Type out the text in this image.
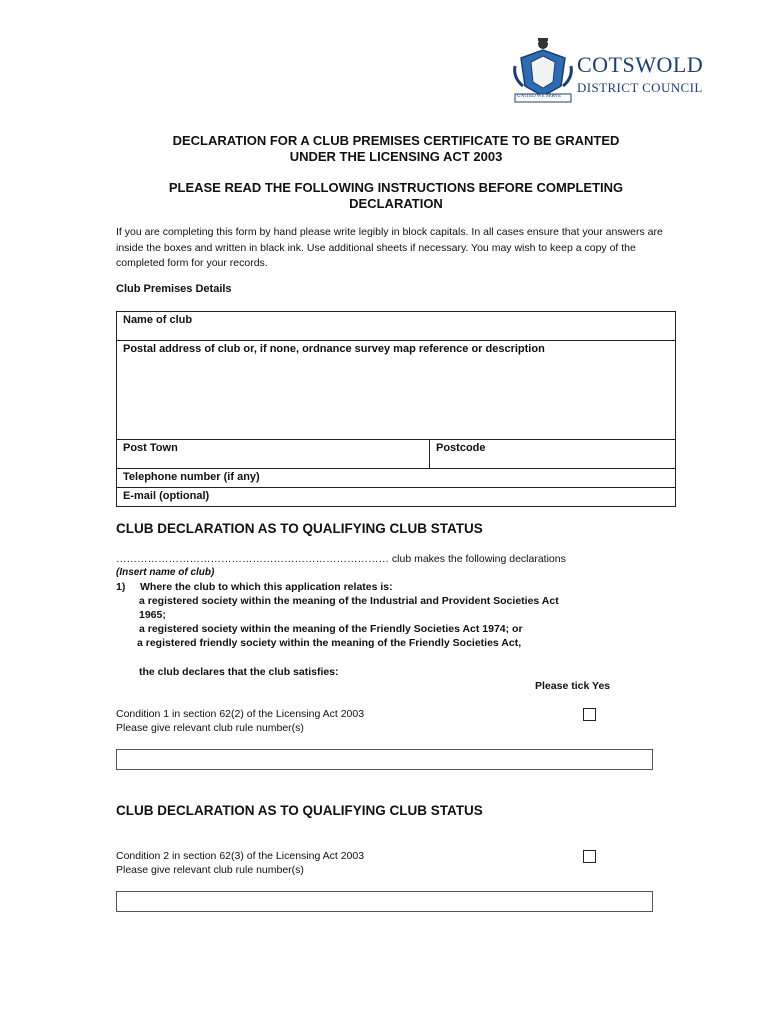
UNITED WE SERVE
COTSWOLD
DISTRICT COUNCIL
DECLARATION FOR A CLUB PREMISES CERTIFICATE TO BE GRANTED
UNDER THE LICENSING ACT 2003
PLEASE READ THE FOLLOWING INSTRUCTIONS BEFORE COMPLETING
DECLARATION
If you are completing this form by hand please write legibly in block capitals. In all cases ensure that your answers are inside the boxes and written in black ink. Use additional sheets if necessary. You may wish to keep a copy of the completed form for your records.
Club Premises Details
Name of club
Postal address of club or, if none, ordnance survey map reference or description
Post Town	Postcode
Telephone number (if any)
E-mail (optional)
CLUB DECLARATION AS TO QUALIFYING CLUB STATUS
…………………………………………………………………… club makes the following declarations
(Insert name of club)
1) Where the club to which this application relates is:
a registered society within the meaning of the Industrial and Provident Societies Act
1965;
a registered society within the meaning of the Friendly Societies Act 1974; or
a registered friendly society within the meaning of the Friendly Societies Act,
the club declares that the club satisfies:
Please tick Yes
Condition 1 in section 62(2) of the Licensing Act 2003
Please give relevant club rule number(s)
CLUB DECLARATION AS TO QUALIFYING CLUB STATUS
Condition 2 in section 62(3) of the Licensing Act 2003
Please give relevant club rule number(s)
